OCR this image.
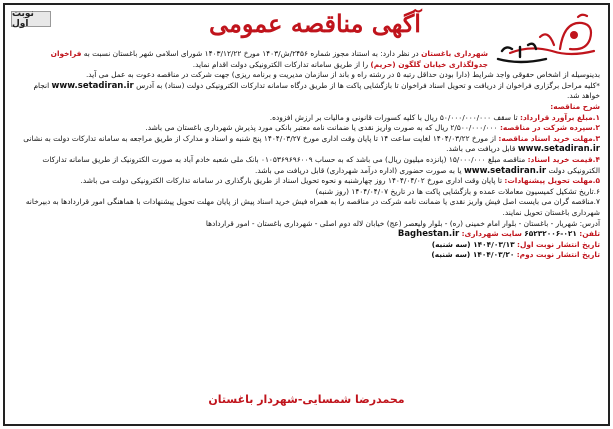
نوبت اول	آگهی مناقصه عمومی

شهرداری باغستان در نظر دارد: به استناد مجوز شماره ۲۴۵۶/ش/۱۴۰۳ مورخ ۱۴۰۳/۱۲/۲۲ شورای اسلامی شهر باغستان نسبت به فراخوان جدولگذاری خیابان گلگون (حریم) را از طریق سامانه تدارکات الکترونیکی دولت اقدام نماید.

بدینوسیله از اشخاص حقوقی واجد شرایط (دارا بودن حداقل رتبه ۵ در رشته راه و باند از سازمان مدیریت و برنامه ریزی) جهت شرکت در مناقصه دعوت به عمل می آید.

*کلیه مراحل برگزاری فراخوان از دریافت و تحویل اسناد فراخوان تا بازگشایی پاکت ها از طریق درگاه سامانه تدارکات الکترونیکی دولت (ستاد) به آدرس www.setadiran.ir انجام خواهد شد.

شرح مناقصه:

۱.مبلغ برآورد قرارداد: تا سقف ۵۰/۰۰۰/۰۰۰/۰۰۰ ریال با کلیه کسورات قانونی و مالیات بر ارزش افزوده.

۲.سپرده شرکت در مناقصه: ۲/۵۰۰/۰۰۰/۰۰۰ ریال که به صورت واریز نقدی یا ضمانت نامه معتبر بانکی مورد پذیرش شهرداری باغستان می باشد.

۳.مهلت خرید اسناد مناقصه: از مورخ ۱۴۰۴/۰۳/۲۲ لغایت ساعت ۱۴ تا پایان وقت اداری مورخ ۱۴۰۴/۰۳/۲۷ پنج شنبه و اسناد و مدارک از طریق مراجعه به سامانه تدارکات دولت به نشانی www.setadiran.ir قابل دریافت می باشد.

۴.قیمت خرید اسناد: مناقصه مبلغ ۱۵/۰۰۰/۰۰۰ (پانزده میلیون ریال) می باشد که به حساب ۰۱۰۵۳۶۹۶۹۶۰۰۹ بانک ملی شعبه خادم آباد به صورت الکترونیک از طریق سامانه تدارکات الکترونیکی دولت www.setadiran.ir یا به صورت حضوری (اداره درآمد شهرداری) قابل دریافت می باشد.

۵.مهلت تحویل پیشنهادات: تا پایان وقت اداری مورخ ۱۴۰۴/۰۴/۰۲ روز چهارشنبه و نحوه تحویل اسناد از طریق بارگذاری در سامانه تدارکات الکترونیکی دولت می باشد.

۶.تاریخ تشکیل کمیسیون معاملات عمده و بازگشایی پاکت ها در تاریخ ۱۴۰۴/۰۴/۰۷ (روز شنبه)

۷.مناقصه گران می بایست اصل فیش واریز نقدی یا ضمانت نامه شرکت در مناقصه را به همراه فیش خرید اسناد پیش از پایان مهلت تحویل پیشنهادات با هماهنگی امور قراردادها به دبیرخانه شهرداری باغستان تحویل نمایند.

آدرس: شهریار - باغستان - بلوار امام خمینی (ره) - بلوار ولیعصر (عج) خیابان لاله دوم اصلی - شهرداری باغستان - امور قراردادها

تلفن: ۰۲۱-۶۵۲۳۲۰۰۶ سایت شهرداری: Baghestan.ir

تاریخ انتشار نوبت اول: ۱۴۰۴/۰۳/۱۳ (سه شنبه)

تاریخ انتشار نوبت دوم: ۱۴۰۴/۰۳/۲۰ (سه شنبه)

محمدرضا شمسایی-شهردار باغستان
